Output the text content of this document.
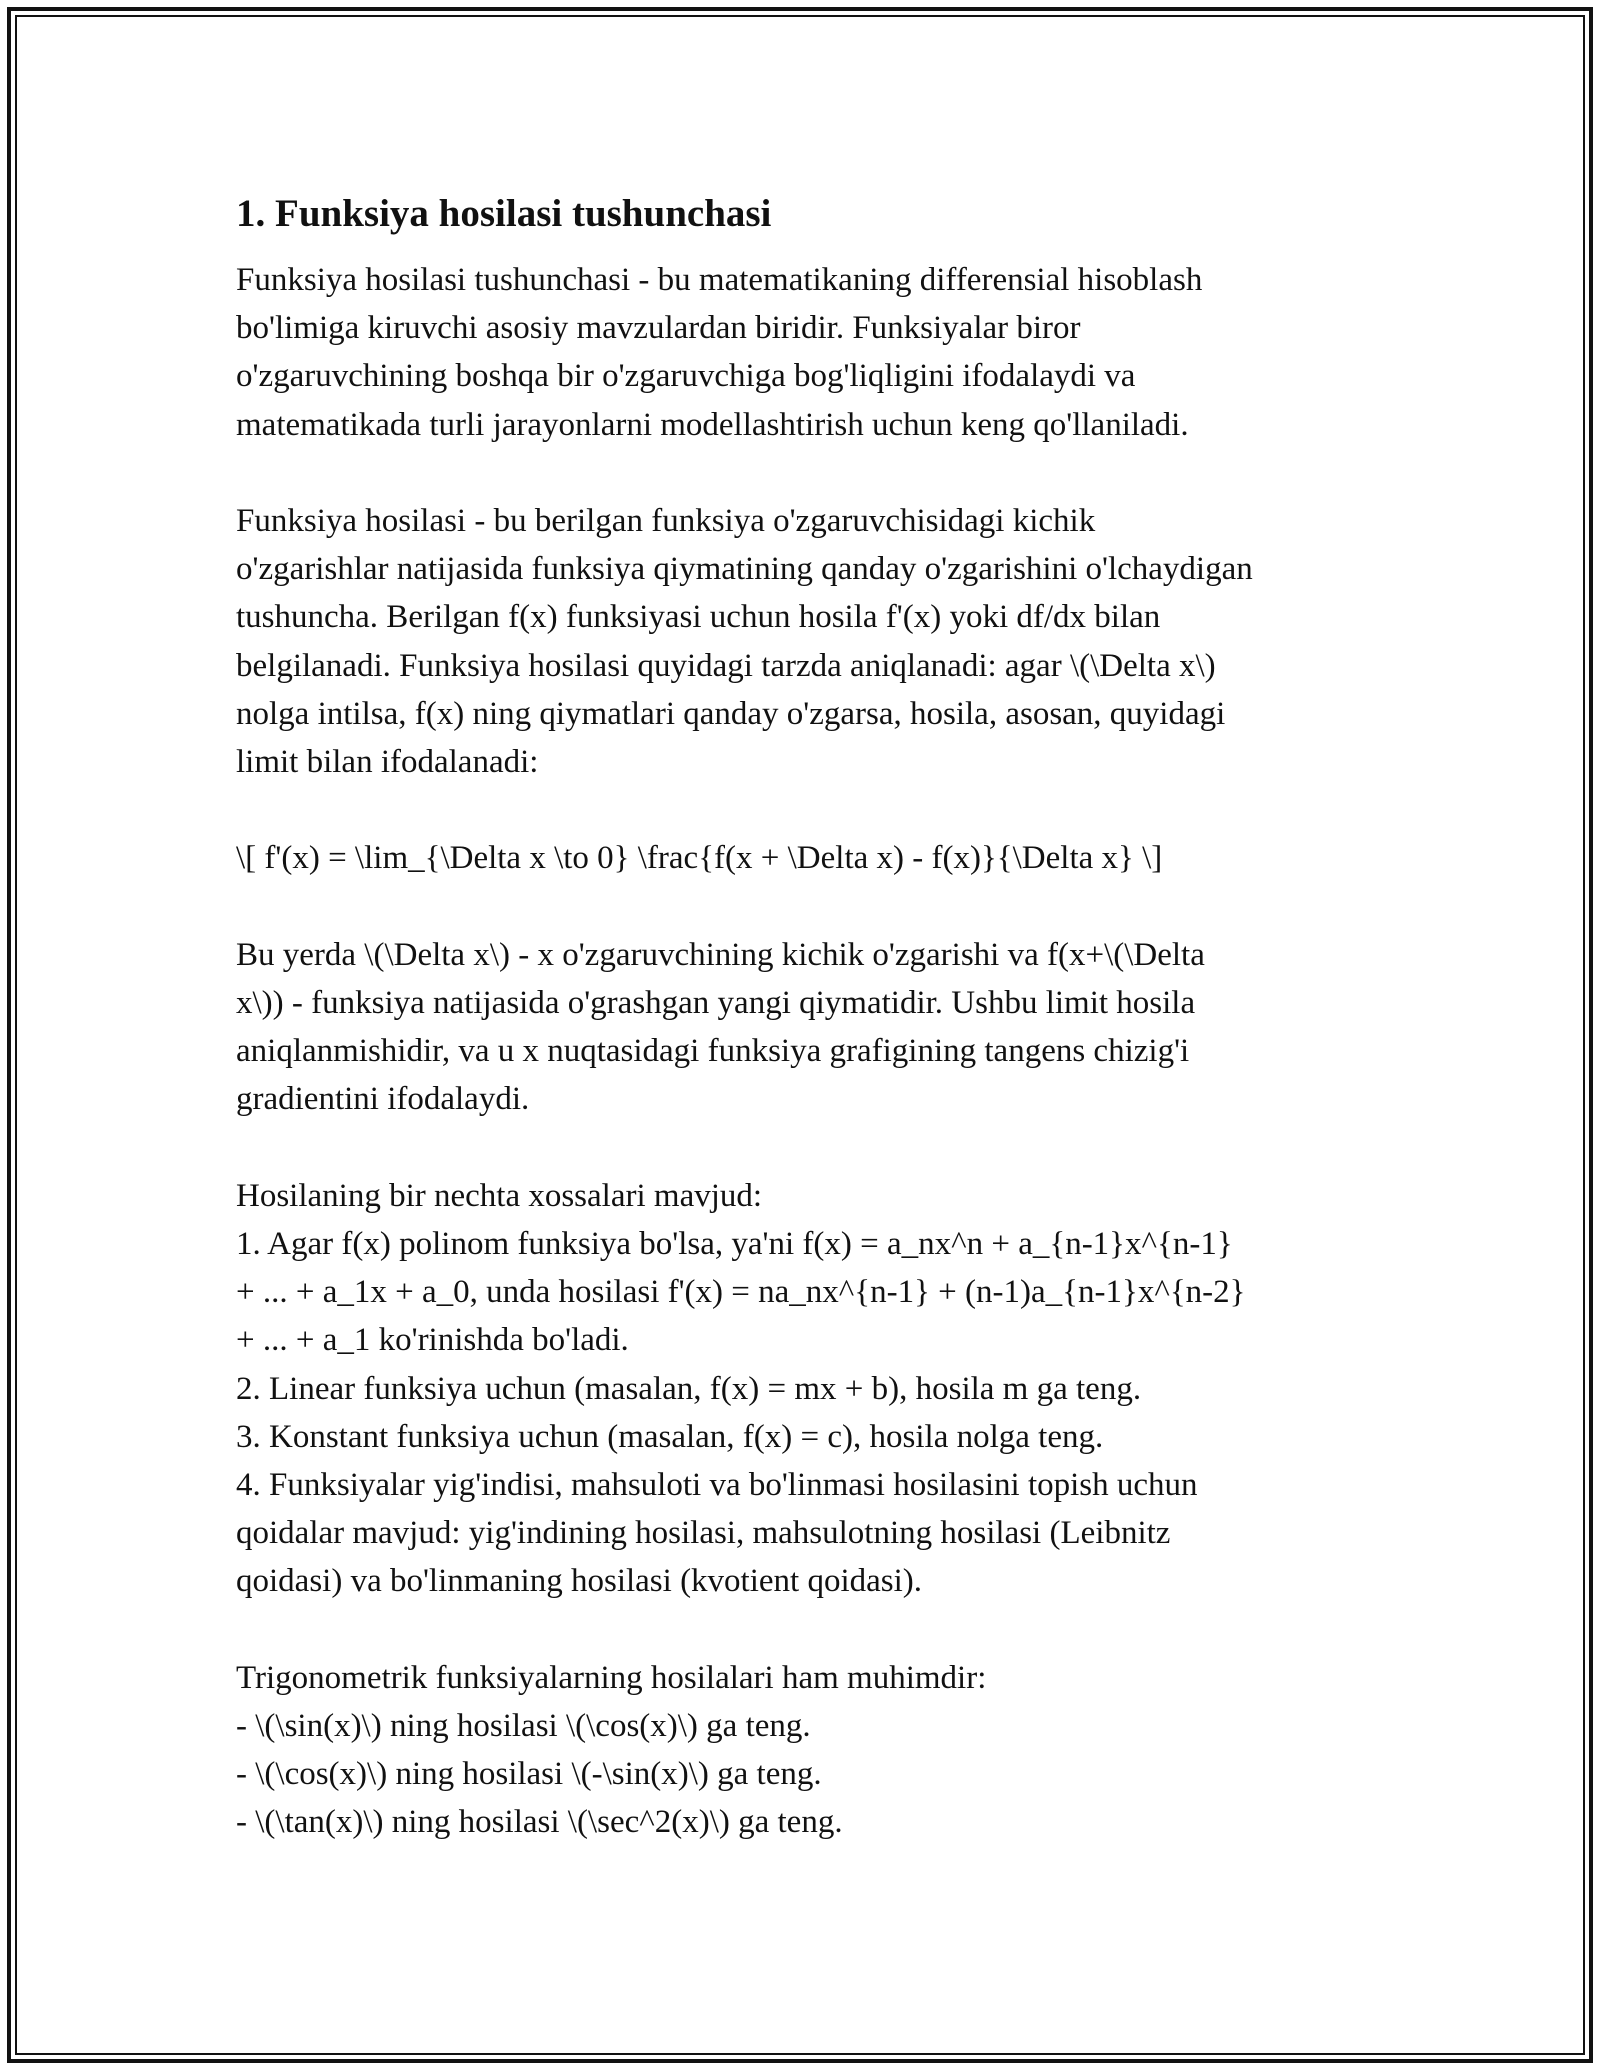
1. Funksiya hosilasi tushunchasi
Funksiya hosilasi tushunchasi - bu matematikaning differensial hisoblash
bo'limiga kiruvchi asosiy mavzulardan biridir. Funksiyalar biror
o'zgaruvchining boshqa bir o'zgaruvchiga bog'liqligini ifodalaydi va
matematikada turli jarayonlarni modellashtirish uchun keng qo'llaniladi.
Funksiya hosilasi - bu berilgan funksiya o'zgaruvchisidagi kichik
o'zgarishlar natijasida funksiya qiymatining qanday o'zgarishini o'lchaydigan
tushuncha. Berilgan f(x) funksiyasi uchun hosila f'(x) yoki df/dx bilan
belgilanadi. Funksiya hosilasi quyidagi tarzda aniqlanadi: agar \(\Delta x\)
nolga intilsa, f(x) ning qiymatlari qanday o'zgarsa, hosila, asosan, quyidagi
limit bilan ifodalanadi:
\[ f'(x) = \lim_{\Delta x \to 0} \frac{f(x + \Delta x) - f(x)}{\Delta x} \]
Bu yerda \(\Delta x\) - x o'zgaruvchining kichik o'zgarishi va f(x+\(\Delta
x\)) - funksiya natijasida o'grashgan yangi qiymatidir. Ushbu limit hosila
aniqlanmishidir, va u x nuqtasidagi funksiya grafigining tangens chizig'i
gradientini ifodalaydi.
Hosilaning bir nechta xossalari mavjud:
1. Agar f(x) polinom funksiya bo'lsa, ya'ni f(x) = a_nx^n + a_{n-1}x^{n-1}
+ ... + a_1x + a_0, unda hosilasi f'(x) = na_nx^{n-1} + (n-1)a_{n-1}x^{n-2}
+ ... + a_1 ko'rinishda bo'ladi.
2. Linear funksiya uchun (masalan, f(x) = mx + b), hosila m ga teng.
3. Konstant funksiya uchun (masalan, f(x) = c), hosila nolga teng.
4. Funksiyalar yig'indisi, mahsuloti va bo'linmasi hosilasini topish uchun
qoidalar mavjud: yig'indining hosilasi, mahsulotning hosilasi (Leibnitz
qoidasi) va bo'linmaning hosilasi (kvotient qoidasi).
Trigonometrik funksiyalarning hosilalari ham muhimdir:
- \(\sin(x)\) ning hosilasi \(\cos(x)\) ga teng.
- \(\cos(x)\) ning hosilasi \(-\sin(x)\) ga teng.
- \(\tan(x)\) ning hosilasi \(\sec^2(x)\) ga teng.
